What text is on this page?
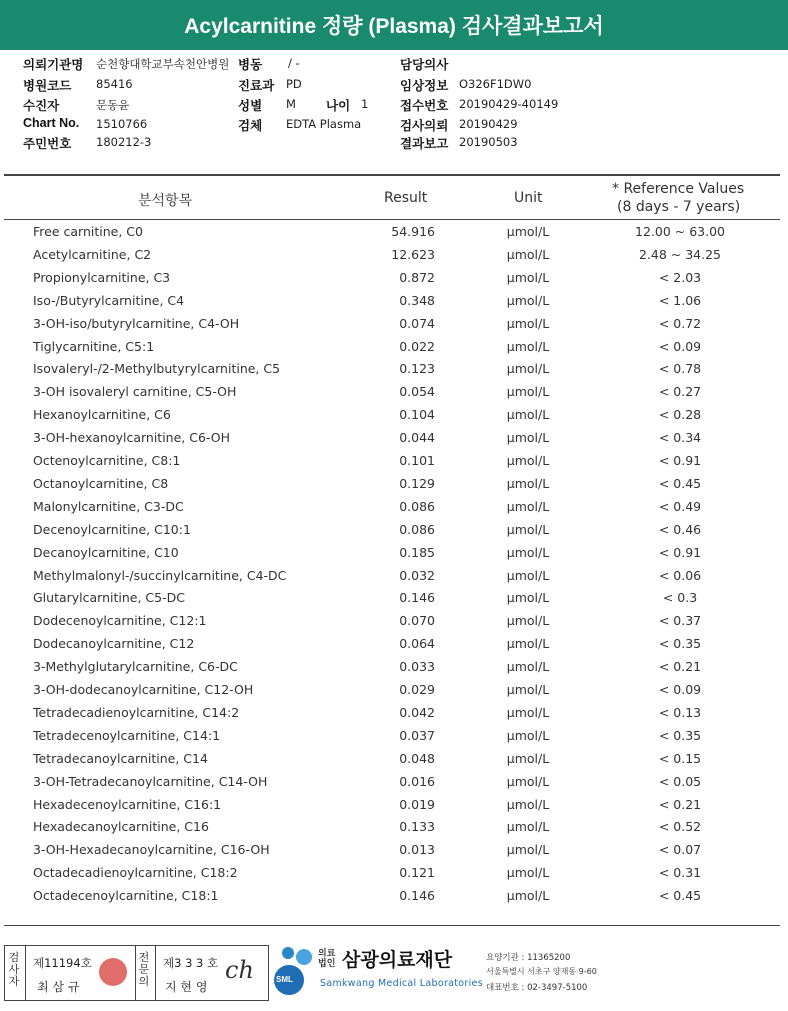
Acylcarnitine 정량 (Plasma) 검사결과보고서
의뢰기관명 순천향대학교부속천안병원
병원코드 85416
수진자	문동윤
Chart No. 1510766
주민번호 180212-3
병동 / -
진료과 PD
성별 M
검체 EDTA Plasma
담당의사
임상정보 O326F1DW0
접수번호 20190429-40149
검사의뢰 20190429
결과보고 20190503
나이 1
분석항목	Result	Unit
* Reference Values
(8 days - 7 years)
Free carnitine, C0	54.916	μmol/L	12.00 ~ 63.00
Acetylcarnitine, C2	12.623	μmol/L	2.48 ~ 34.25
Propionylcarnitine, C3	0.872	μmol/L	< 2.03
Iso-/Butyrylcarnitine, C4	0.348	μmol/L	< 1.06
3-OH-iso/butyrylcarnitine, C4-OH	0.074	μmol/L	< 0.72
Tiglycarnitine, C5:1	0.022	μmol/L	< 0.09
Isovaleryl-/2-Methylbutyrylcarnitine, C5	0.123	μmol/L	< 0.78
3-OH isovaleryl carnitine, C5-OH	0.054	μmol/L	< 0.27
Hexanoylcarnitine, C6	0.104	μmol/L	< 0.28
3-OH-hexanoylcarnitine, C6-OH	0.044	μmol/L	< 0.34
Octenoylcarnitine, C8:1	0.101	μmol/L	< 0.91
Octanoylcarnitine, C8	0.129	μmol/L	< 0.45
Malonylcarnitine, C3-DC	0.086	μmol/L	< 0.49
Decenoylcarnitine, C10:1	0.086	μmol/L	< 0.46
Decanoylcarnitine, C10	0.185	μmol/L	< 0.91
Methylmalonyl-/succinylcarnitine, C4-DC	0.032	μmol/L	< 0.06
Glutarylcarnitine, C5-DC	0.146	μmol/L	< 0.3
Dodecenoylcarnitine, C12:1	0.070	μmol/L	< 0.37
Dodecanoylcarnitine, C12	0.064	μmol/L	< 0.35
3-Methylglutarylcarnitine, C6-DC	0.033	μmol/L	< 0.21
3-OH-dodecanoylcarnitine, C12-OH	0.029	μmol/L	< 0.09
Tetradecadienoylcarnitine, C14:2	0.042	μmol/L	< 0.13
Tetradecenoylcarnitine, C14:1	0.037	μmol/L	< 0.35
Tetradecanoylcarnitine, C14	0.048	μmol/L	< 0.15
3-OH-Tetradecanoylcarnitine, C14-OH	0.016	μmol/L	< 0.05
Hexadecenoylcarnitine, C16:1	0.019	μmol/L	< 0.21
Hexadecanoylcarnitine, C16	0.133	μmol/L	< 0.52
3-OH-Hexadecanoylcarnitine, C16-OH	0.013	μmol/L	< 0.07
Octadecadienoylcarnitine, C18:2	0.121	μmol/L	< 0.31
Octadecenoylcarnitine, C18:1	0.146	μmol/L	< 0.45
검사자
제11194호
최 삼 규
전문의
제3 3 3 호
지 현 영
ch	SML
의료법인 삼광의료재단
Samkwang Medical Laboratories
요양기관 : 11365200
서울특별시 서초구 양재동 9-60
대표번호 : 02-3497-5100
